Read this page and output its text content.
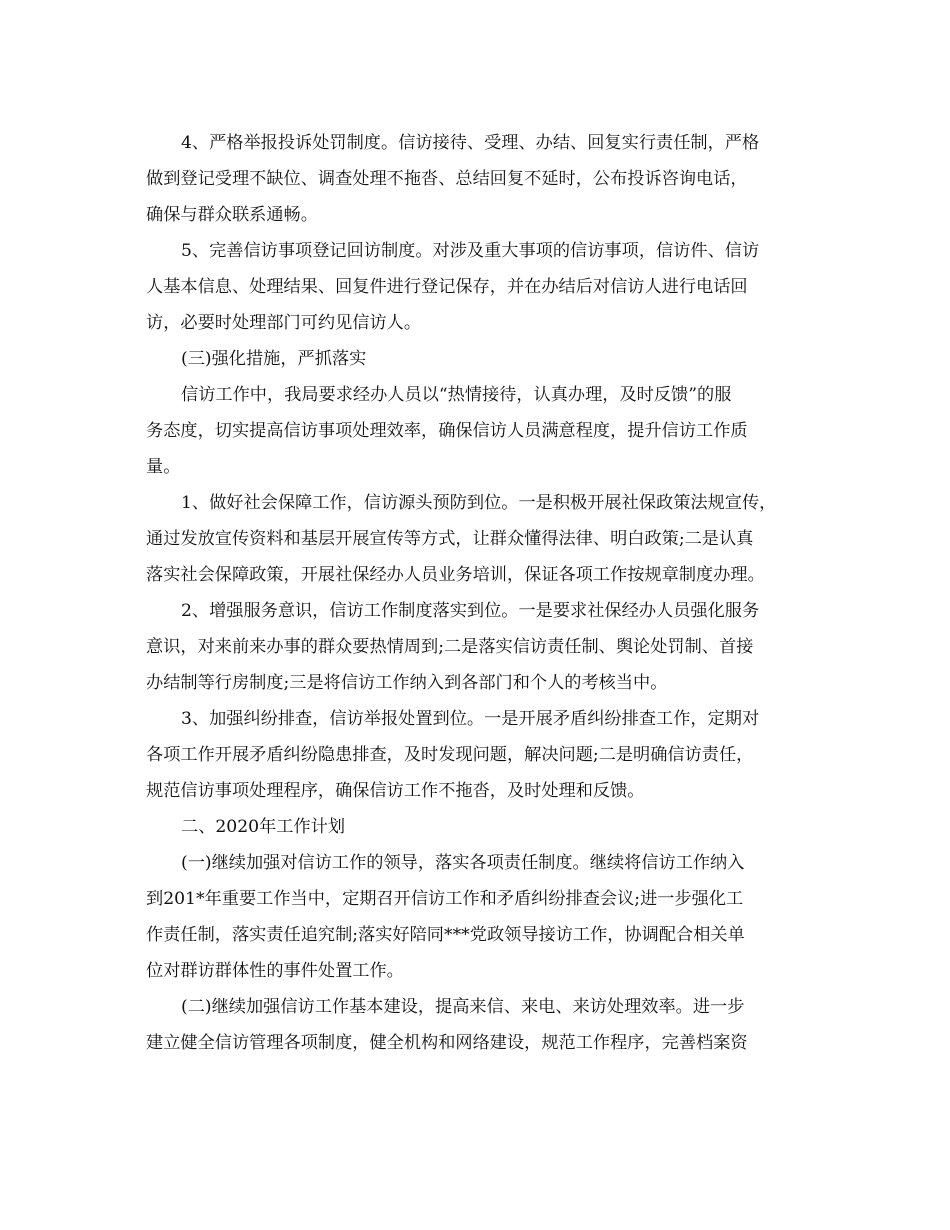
4、严格举报投诉处罚制度。信访接待、受理、办结、回复实行责任制，严格
做到登记受理不缺位、调查处理不拖沓、总结回复不延时，公布投诉咨询电话，
确保与群众联系通畅。
5、完善信访事项登记回访制度。对涉及重大事项的信访事项，信访件、信访
人基本信息、处理结果、回复件进行登记保存，并在办结后对信访人进行电话回
访，必要时处理部门可约见信访人。
(三)强化措施，严抓落实
信访工作中，我局要求经办人员以“热情接待，认真办理，及时反馈”的服
务态度，切实提高信访事项处理效率，确保信访人员满意程度，提升信访工作质
量。
1、做好社会保障工作，信访源头预防到位。一是积极开展社保政策法规宣传，
通过发放宣传资料和基层开展宣传等方式，让群众懂得法律、明白政策;二是认真
落实社会保障政策，开展社保经办人员业务培训，保证各项工作按规章制度办理。
2、增强服务意识，信访工作制度落实到位。一是要求社保经办人员强化服务
意识，对来前来办事的群众要热情周到;二是落实信访责任制、舆论处罚制、首接
办结制等行房制度;三是将信访工作纳入到各部门和个人的考核当中。
3、加强纠纷排查，信访举报处置到位。一是开展矛盾纠纷排查工作，定期对
各项工作开展矛盾纠纷隐患排查，及时发现问题，解决问题;二是明确信访责任，
规范信访事项处理程序，确保信访工作不拖沓，及时处理和反馈。
二、2020年工作计划
(一)继续加强对信访工作的领导，落实各项责任制度。继续将信访工作纳入
到201*年重要工作当中，定期召开信访工作和矛盾纠纷排查会议;进一步强化工
作责任制，落实责任追究制;落实好陪同***党政领导接访工作，协调配合相关单
位对群访群体性的事件处置工作。
(二)继续加强信访工作基本建设，提高来信、来电、来访处理效率。进一步
建立健全信访管理各项制度，健全机构和网络建设，规范工作程序，完善档案资
